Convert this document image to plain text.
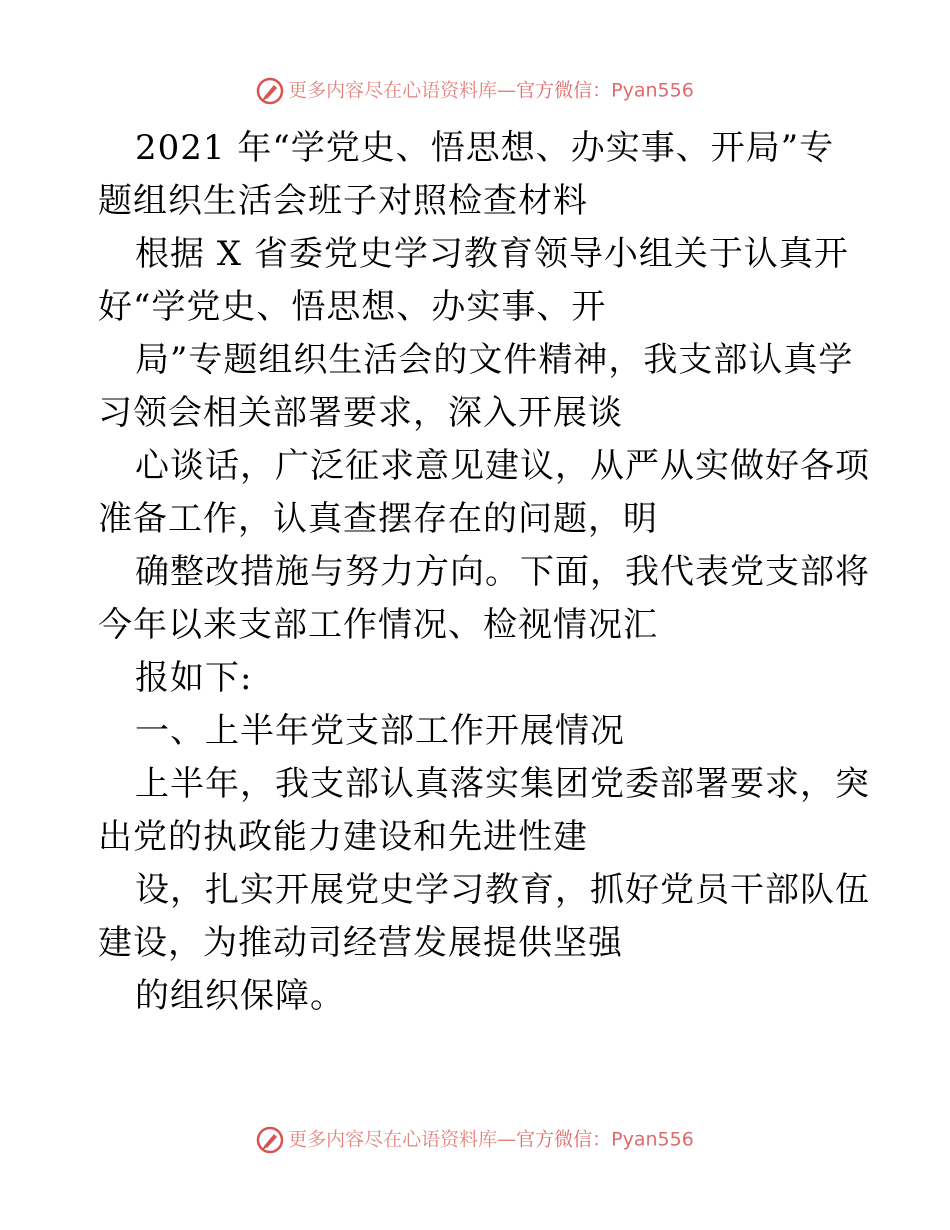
更多内容尽在心语资料库—官方微信：Pyan556
2021 年“学党史、悟思想、办实事、开局”专
题组织生活会班子对照检查材料
根据 X 省委党史学习教育领导小组关于认真开
好“学党史、悟思想、办实事、开
局”专题组织生活会的文件精神，我支部认真学
习领会相关部署要求，深入开展谈
心谈话，广泛征求意见建议，从严从实做好各项
准备工作，认真查摆存在的问题，明
确整改措施与努力方向。下面，我代表党支部将
今年以来支部工作情况、检视情况汇
报如下:
一、上半年党支部工作开展情况
上半年，我支部认真落实集团党委部署要求，突
出党的执政能力建设和先进性建
设，扎实开展党史学习教育，抓好党员干部队伍
建设，为推动司经营发展提供坚强
的组织保障。
更多内容尽在心语资料库—官方微信：Pyan556
